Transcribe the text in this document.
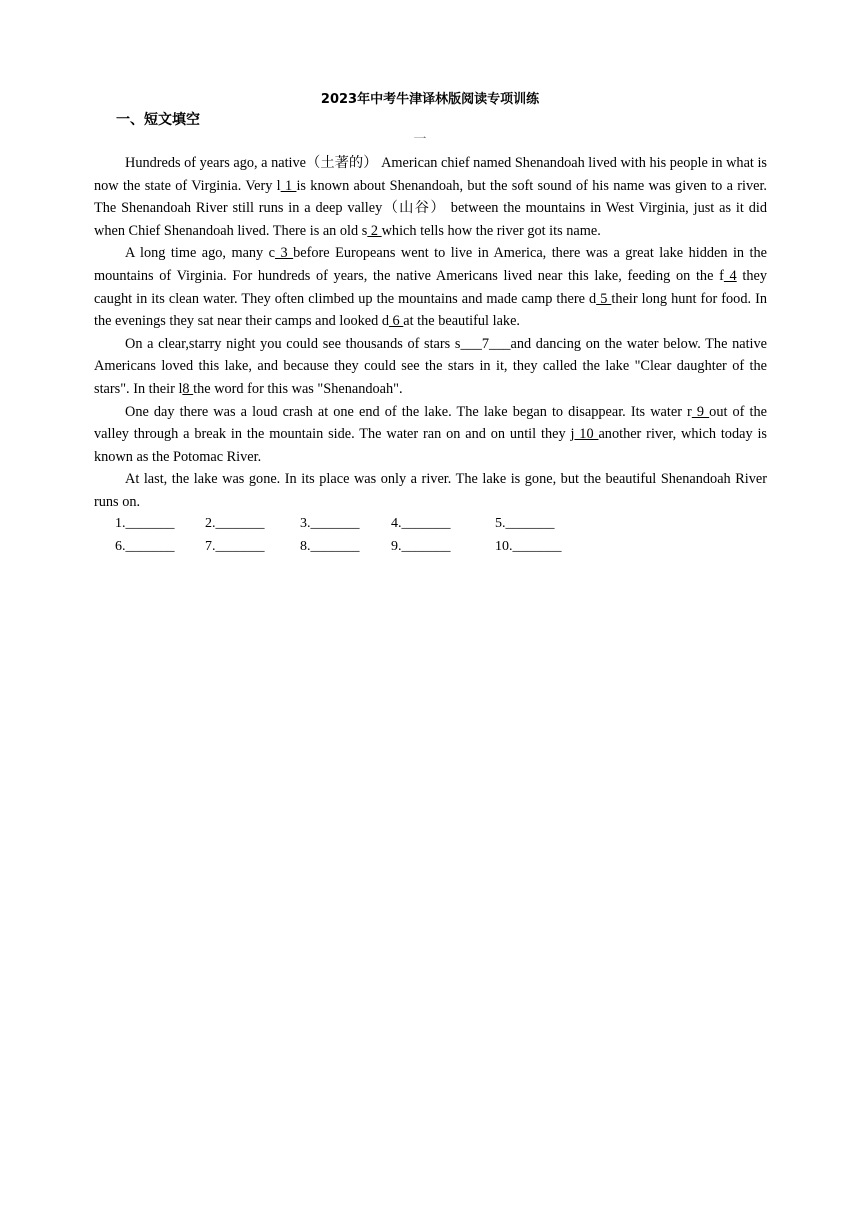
2023年中考牛津译林版阅读专项训练
一、短文填空
一

Hundreds of years ago, a native（土著的） American chief named Shenandoah lived with his people in what is now the state of Virginia. Very l 1 is known about Shenandoah, but the soft sound of his name was given to a river. The Shenandoah River still runs in a deep valley（山谷） between the mountains in West Virginia, just as it did when Chief Shenandoah lived. There is an old s 2 which tells how the river got its name.

A long time ago, many c 3 before Europeans went to live in America, there was a great lake hidden in the mountains of Virginia. For hundreds of years, the native Americans lived near this lake, feeding on the f 4 they caught in its clean water. They often climbed up the mountains and made camp there d 5 their long hunt for food. In the evenings they sat near their camps and looked d 6 at the beautiful lake.

On a clear,starry night you could see thousands of stars s___7___and dancing on the water below. The native Americans loved this lake, and because they could see the stars in it, they called the lake "Clear daughter of the stars". In their l8 the word for this was "Shenandoah".

One day there was a loud crash at one end of the lake. The lake began to disappear. Its water r 9 out of the valley through a break in the mountain side. The water ran on and on until they j 10 another river, which today is known as the Potomac River.

At last, the lake was gone. In its place was only a river. The lake is gone, but the beautiful Shenandoah River runs on.

1._______ 2._______	3._______ 4._______	5._______
6._______ 7._______	8._______ 9._______	10._______
